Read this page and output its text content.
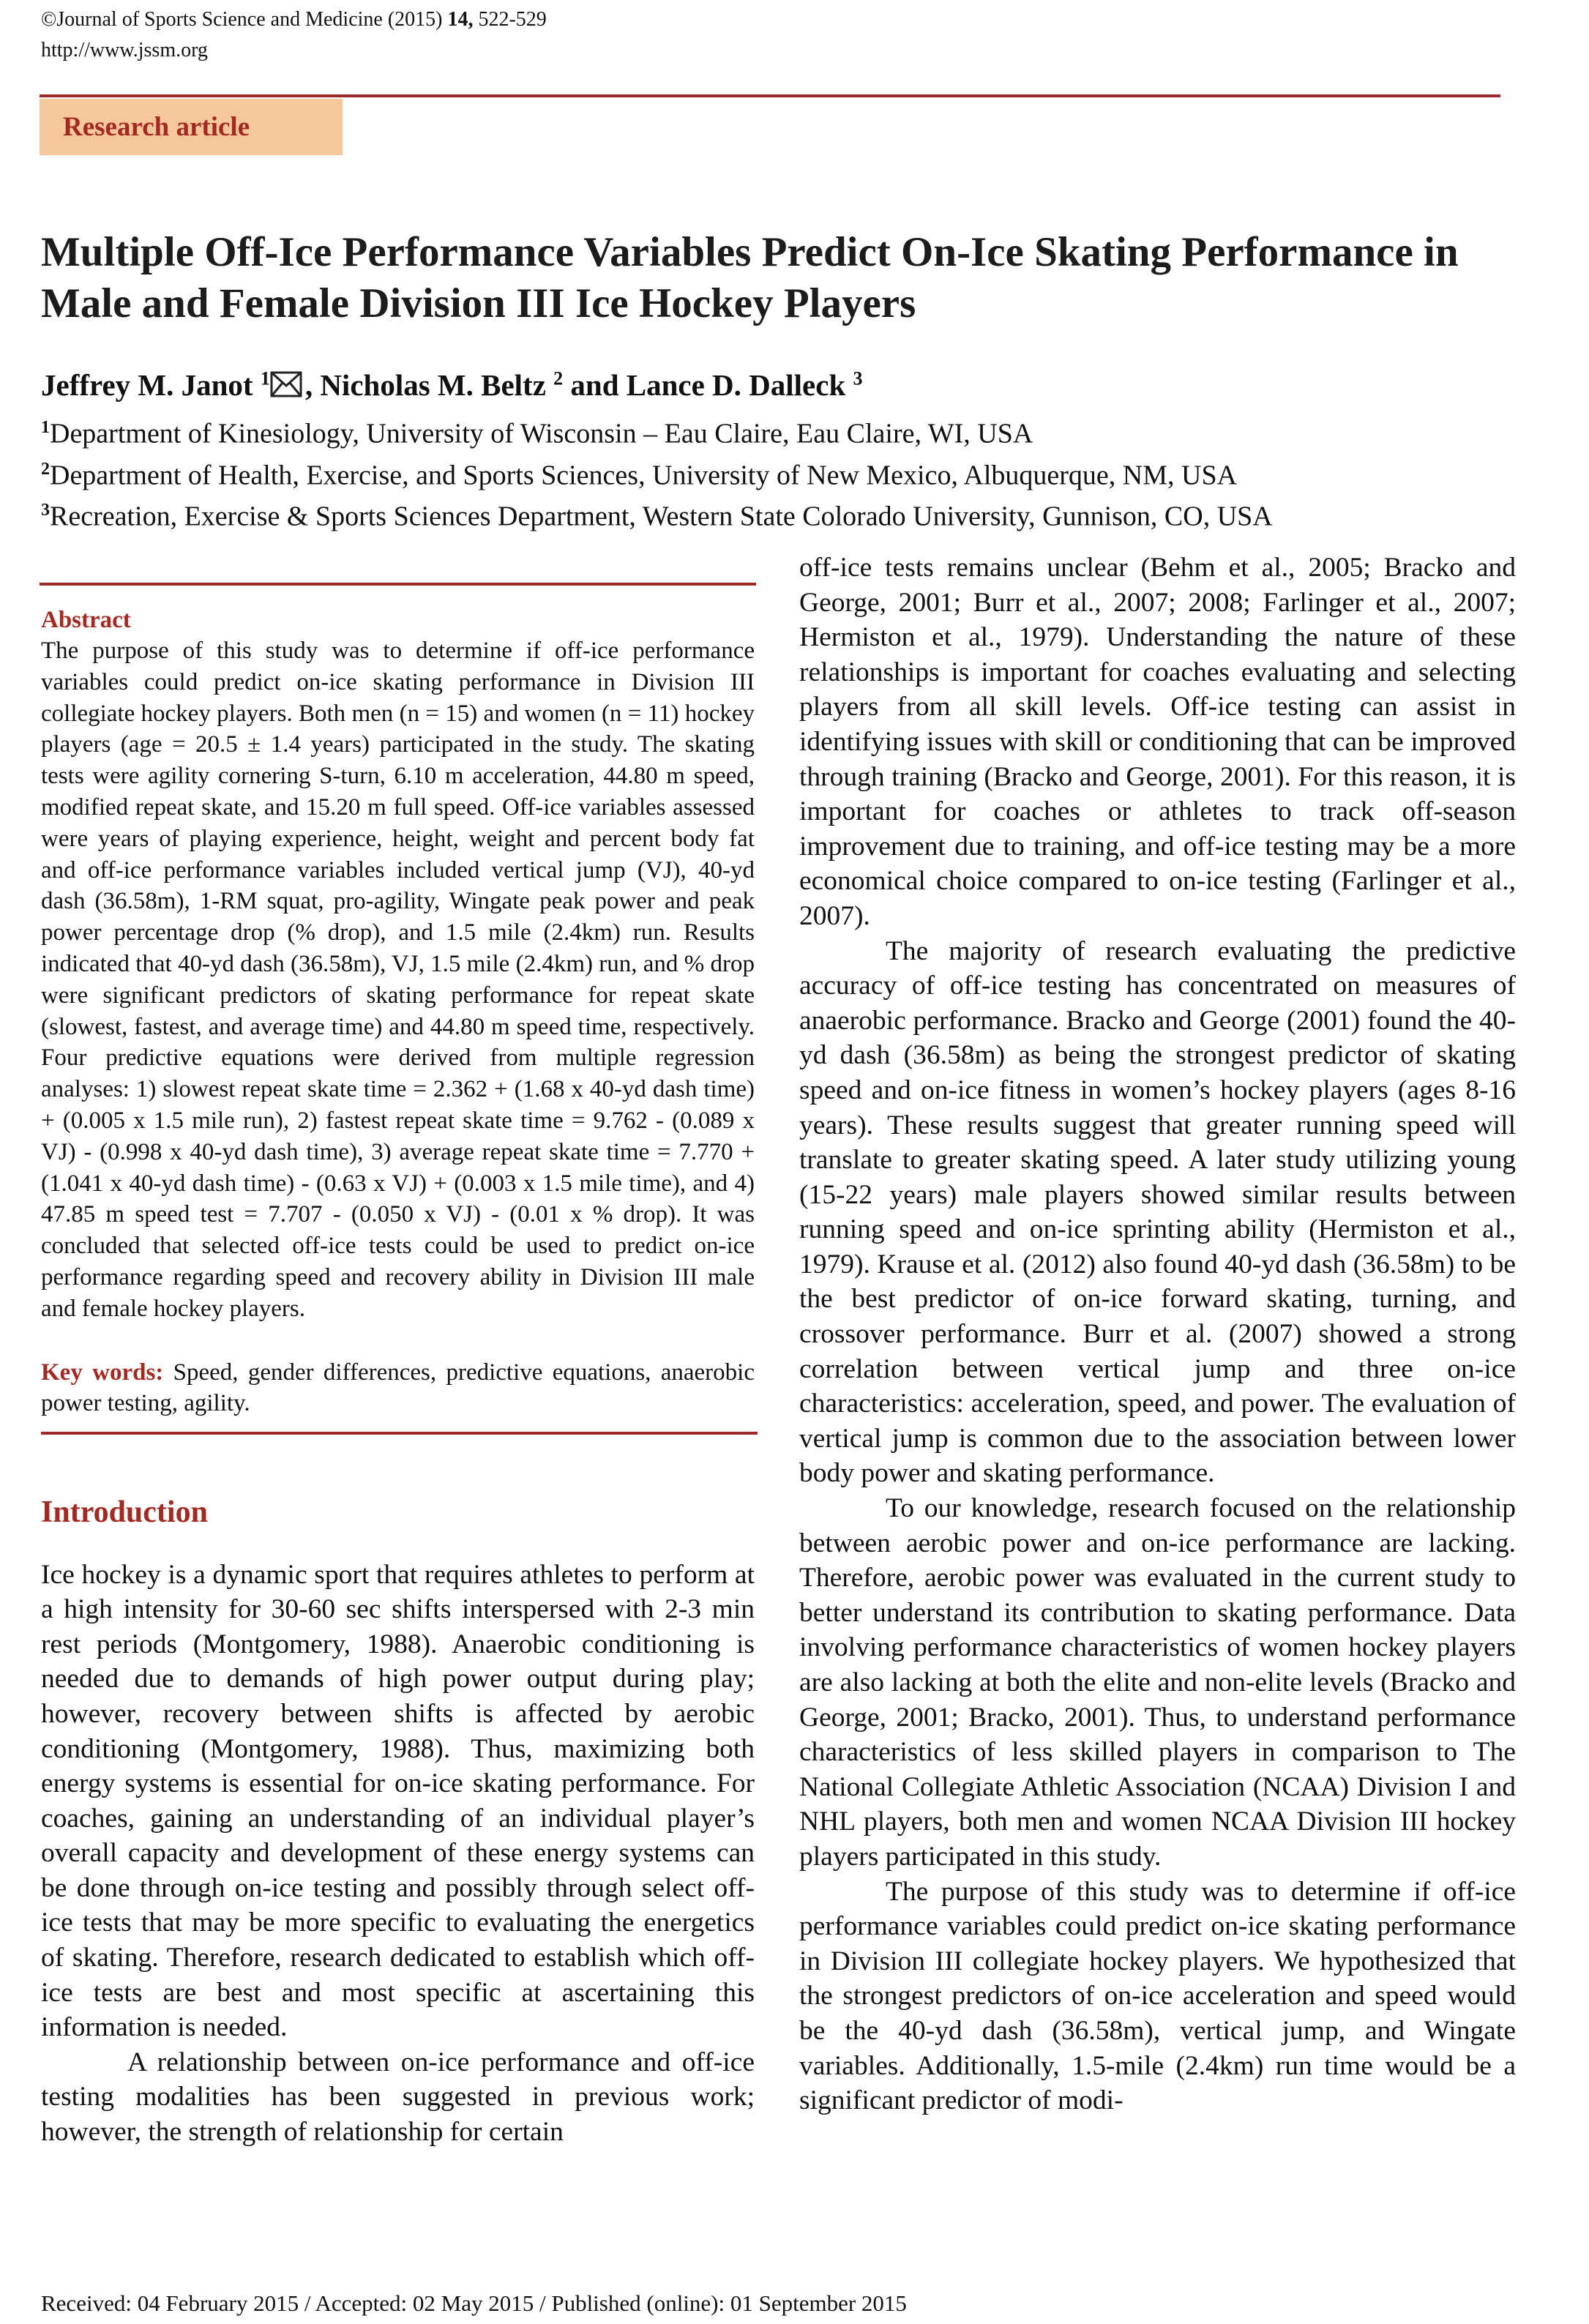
©Journal of Sports Science and Medicine (2015) 14, 522-529
http://www.jssm.org
Research article
Multiple Off-Ice Performance Variables Predict On-Ice Skating Performance in Male and Female Division III Ice Hockey Players
Jeffrey M. Janot $^1$ , Nicholas M. Beltz $^2$ and Lance D. Dalleck $^3$
$^1$Department of Kinesiology, University of Wisconsin – Eau Claire, Eau Claire, WI, USA
$^2$Department of Health, Exercise, and Sports Sciences, University of New Mexico, Albuquerque, NM, USA
$^3$Recreation, Exercise & Sports Sciences Department, Western State Colorado University, Gunnison, CO, USA
Abstract

The purpose of this study was to determine if off-ice performance variables could predict on-ice skating performance in Division III collegiate hockey players. Both men (n = 15) and women (n = 11) hockey players (age = 20.5 ± 1.4 years) participated in the study. The skating tests were agility cornering S-turn, 6.10 m acceleration, 44.80 m speed, modified repeat skate, and 15.20 m full speed. Off-ice variables assessed were years of playing experience, height, weight and percent body fat and off-ice performance variables included vertical jump (VJ), 40-yd dash (36.58m), 1-RM squat, pro-agility, Wingate peak power and peak power percentage drop (% drop), and 1.5 mile (2.4km) run. Results indicated that 40-yd dash (36.58m), VJ, 1.5 mile (2.4km) run, and % drop were significant predictors of skating performance for repeat skate (slowest, fastest, and average time) and 44.80 m speed time, respectively. Four predictive equations were derived from multiple regression analyses: 1) slowest repeat skate time = 2.362 + (1.68 x 40-yd dash time) + (0.005 x 1.5 mile run), 2) fastest repeat skate time = 9.762 - (0.089 x VJ) - (0.998 x 40-yd dash time), 3) average repeat skate time = 7.770 + (1.041 x 40-yd dash time) - (0.63 x VJ) + (0.003 x 1.5 mile time), and 4) 47.85 m speed test = 7.707 - (0.050 x VJ) - (0.01 x % drop). It was concluded that selected off-ice tests could be used to predict on-ice performance regarding speed and recovery ability in Division III male and female hockey players.

Key words: Speed, gender differences, predictive equations, anaerobic power testing, agility.
Introduction

Ice hockey is a dynamic sport that requires athletes to perform at a high intensity for 30-60 sec shifts interspersed with 2-3 min rest periods (Montgomery, 1988). Anaerobic conditioning is needed due to demands of high power output during play; however, recovery between shifts is affected by aerobic conditioning (Montgomery, 1988). Thus, maximizing both energy systems is essential for on-ice skating performance. For coaches, gaining an understanding of an individual player’s overall capacity and development of these energy systems can be done through on-ice testing and possibly through select off-ice tests that may be more specific to evaluating the energetics of skating. Therefore, research dedicated to establish which off-ice tests are best and most specific at ascertaining this information is needed.

A relationship between on-ice performance and off-ice testing modalities has been suggested in previous work; however, the strength of relationship for certain

off-ice tests remains unclear (Behm et al., 2005; Bracko and George, 2001; Burr et al., 2007; 2008; Farlinger et al., 2007; Hermiston et al., 1979). Understanding the nature of these relationships is important for coaches evaluating and selecting players from all skill levels. Off-ice testing can assist in identifying issues with skill or conditioning that can be improved through training (Bracko and George, 2001). For this reason, it is important for coaches or athletes to track off-season improvement due to training, and off-ice testing may be a more economical choice compared to on-ice testing (Farlinger et al., 2007).

The majority of research evaluating the predictive accuracy of off-ice testing has concentrated on measures of anaerobic performance. Bracko and George (2001) found the 40-yd dash (36.58m) as being the strongest predictor of skating speed and on-ice fitness in women’s hockey players (ages 8-16 years). These results suggest that greater running speed will translate to greater skating speed. A later study utilizing young (15-22 years) male players showed similar results between running speed and on-ice sprinting ability (Hermiston et al., 1979). Krause et al. (2012) also found 40-yd dash (36.58m) to be the best predictor of on-ice forward skating, turning, and crossover performance. Burr et al. (2007) showed a strong correlation between vertical jump and three on-ice characteristics: acceleration, speed, and power. The evaluation of vertical jump is common due to the association between lower body power and skating performance.

To our knowledge, research focused on the relationship between aerobic power and on-ice performance are lacking. Therefore, aerobic power was evaluated in the current study to better understand its contribution to skating performance. Data involving performance characteristics of women hockey players are also lacking at both the elite and non-elite levels (Bracko and George, 2001; Bracko, 2001). Thus, to understand performance characteristics of less skilled players in comparison to The National Collegiate Athletic Association (NCAA) Division I and NHL players, both men and women NCAA Division III hockey players participated in this study.

The purpose of this study was to determine if off-ice performance variables could predict on-ice skating performance in Division III collegiate hockey players. We hypothesized that the strongest predictors of on-ice acceleration and speed would be the 40-yd dash (36.58m), vertical jump, and Wingate variables. Additionally, 1.5-mile (2.4km) run time would be a significant predictor of modi-

Received: 04 February 2015 / Accepted: 02 May 2015 / Published (online): 01 September 2015
